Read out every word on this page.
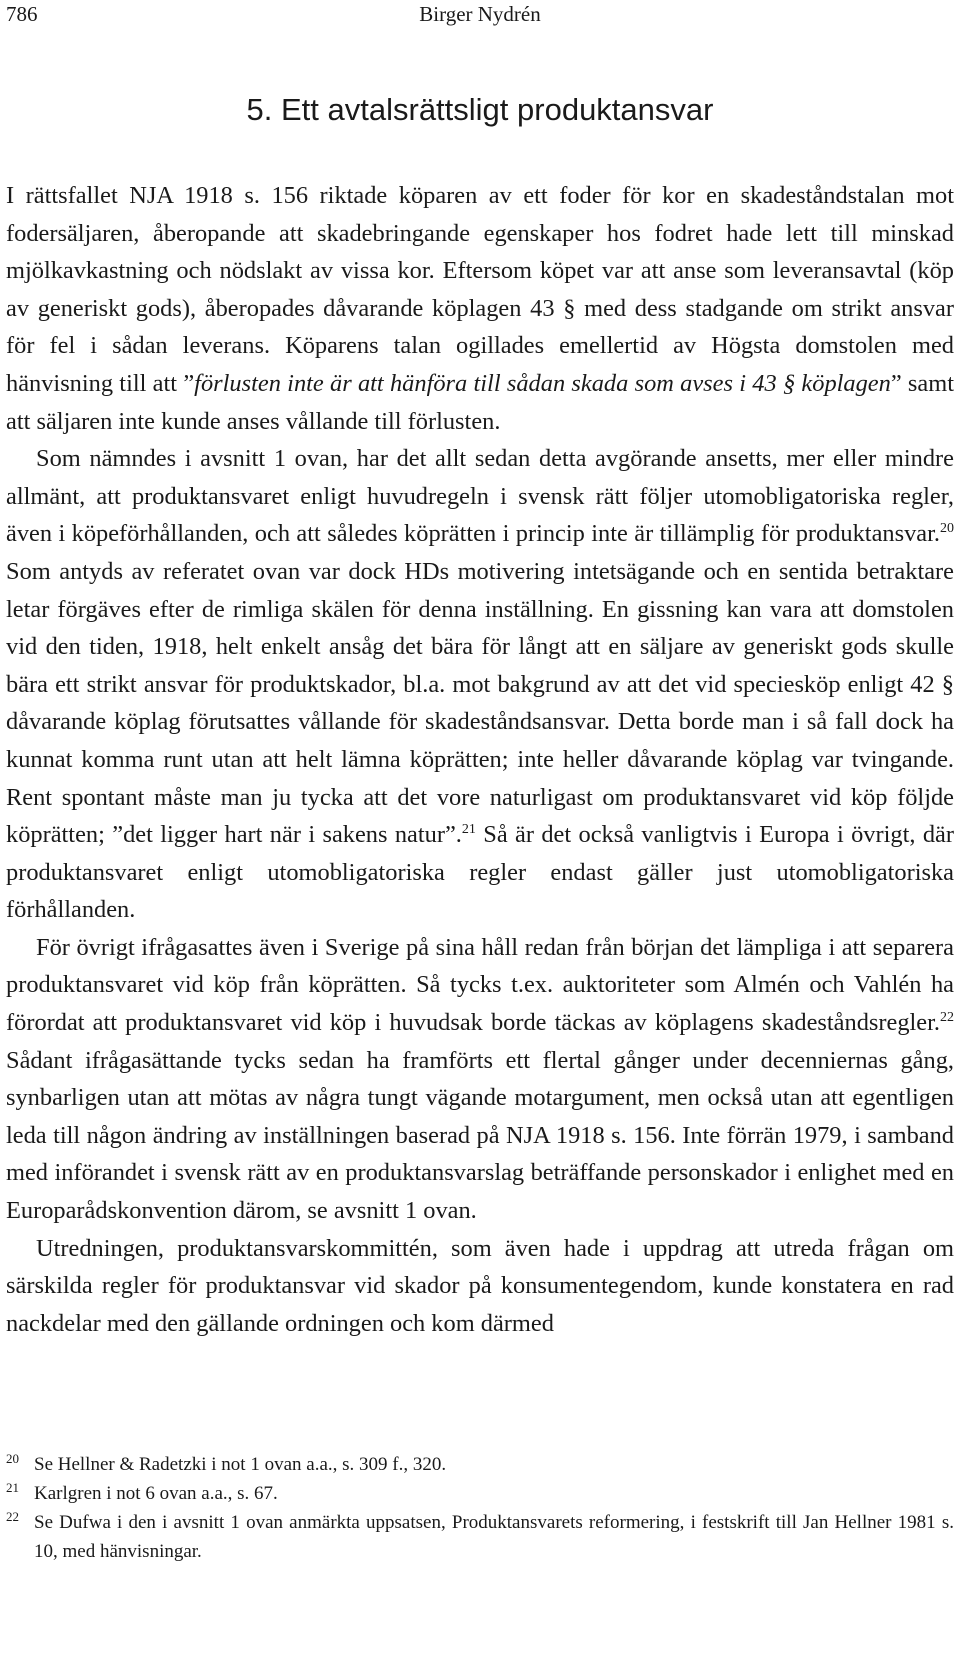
786	Birger Nydrén
5. Ett avtalsrättsligt produktansvar

I rättsfallet NJA 1918 s. 156 riktade köparen av ett foder för kor en skadeståndstalan mot fodersäljaren, åberopande att skadebringande egenskaper hos fodret hade lett till minskad mjölkavkastning och nödslakt av vissa kor. Eftersom köpet var att anse som leveransavtal (köp av generiskt gods), åberopades dåvarande köplagen 43 § med dess stadgande om strikt ansvar för fel i sådan leverans. Köparens talan ogillades emellertid av Högsta domstolen med hänvisning till att ”förlusten inte är att hänföra till sådan skada som avses i 43 § köplagen” samt att säljaren inte kunde anses vållande till förlusten.

Som nämndes i avsnitt 1 ovan, har det allt sedan detta avgörande ansetts, mer eller mindre allmänt, att produktansvaret enligt huvudregeln i svensk rätt följer utomobligatoriska regler, även i köpeförhållanden, och att således köprätten i princip inte är tillämplig för produktansvar.$^{20}$ Som antyds av referatet ovan var dock HDs motivering intetsägande och en sentida betraktare letar förgäves efter de rimliga skälen för denna inställning. En gissning kan vara att domstolen vid den tiden, 1918, helt enkelt ansåg det bära för långt att en säljare av generiskt gods skulle bära ett strikt ansvar för produktskador, bl.a. mot bakgrund av att det vid speciesköp enligt 42 § dåvarande köplag förutsattes vållande för skadeståndsansvar. Detta borde man i så fall dock ha kunnat komma runt utan att helt lämna köprätten; inte heller dåvarande köplag var tvingande. Rent spontant måste man ju tycka att det vore naturligast om produktansvaret vid köp följde köprätten; ”det ligger hart när i sakens natur”.$^{21}$ Så är det också vanligtvis i Europa i övrigt, där produktansvaret enligt utomobligatoriska regler endast gäller just utomobligatoriska förhållanden.

För övrigt ifrågasattes även i Sverige på sina håll redan från början det lämpliga i att separera produktansvaret vid köp från köprätten. Så tycks t.ex. auktoriteter som Almén och Vahlén ha förordat att produktansvaret vid köp i huvudsak borde täckas av köplagens skadeståndsregler.$^{22}$ Sådant ifrågasättande tycks sedan ha framförts ett flertal gånger under decenniernas gång, synbarligen utan att mötas av några tungt vägande motargument, men också utan att egentligen leda till någon ändring av inställningen baserad på NJA 1918 s. 156. Inte förrän 1979, i samband med införandet i svensk rätt av en produktansvarslag beträffande personskador i enlighet med en Europarådskonvention därom, se avsnitt 1 ovan.

Utredningen, produktansvarskommittén, som även hade i uppdrag att utreda frågan om särskilda regler för produktansvar vid skador på konsumentegendom, kunde konstatera en rad nackdelar med den gällande ordningen och kom därmed

20 Se Hellner & Radetzki i not 1 ovan a.a., s. 309 f., 320.
21 Karlgren i not 6 ovan a.a., s. 67.
22 Se Dufwa i den i avsnitt 1 ovan anmärkta uppsatsen, Produktansvarets reformering, i festskrift till Jan Hellner 1981 s. 10, med hänvisningar.
